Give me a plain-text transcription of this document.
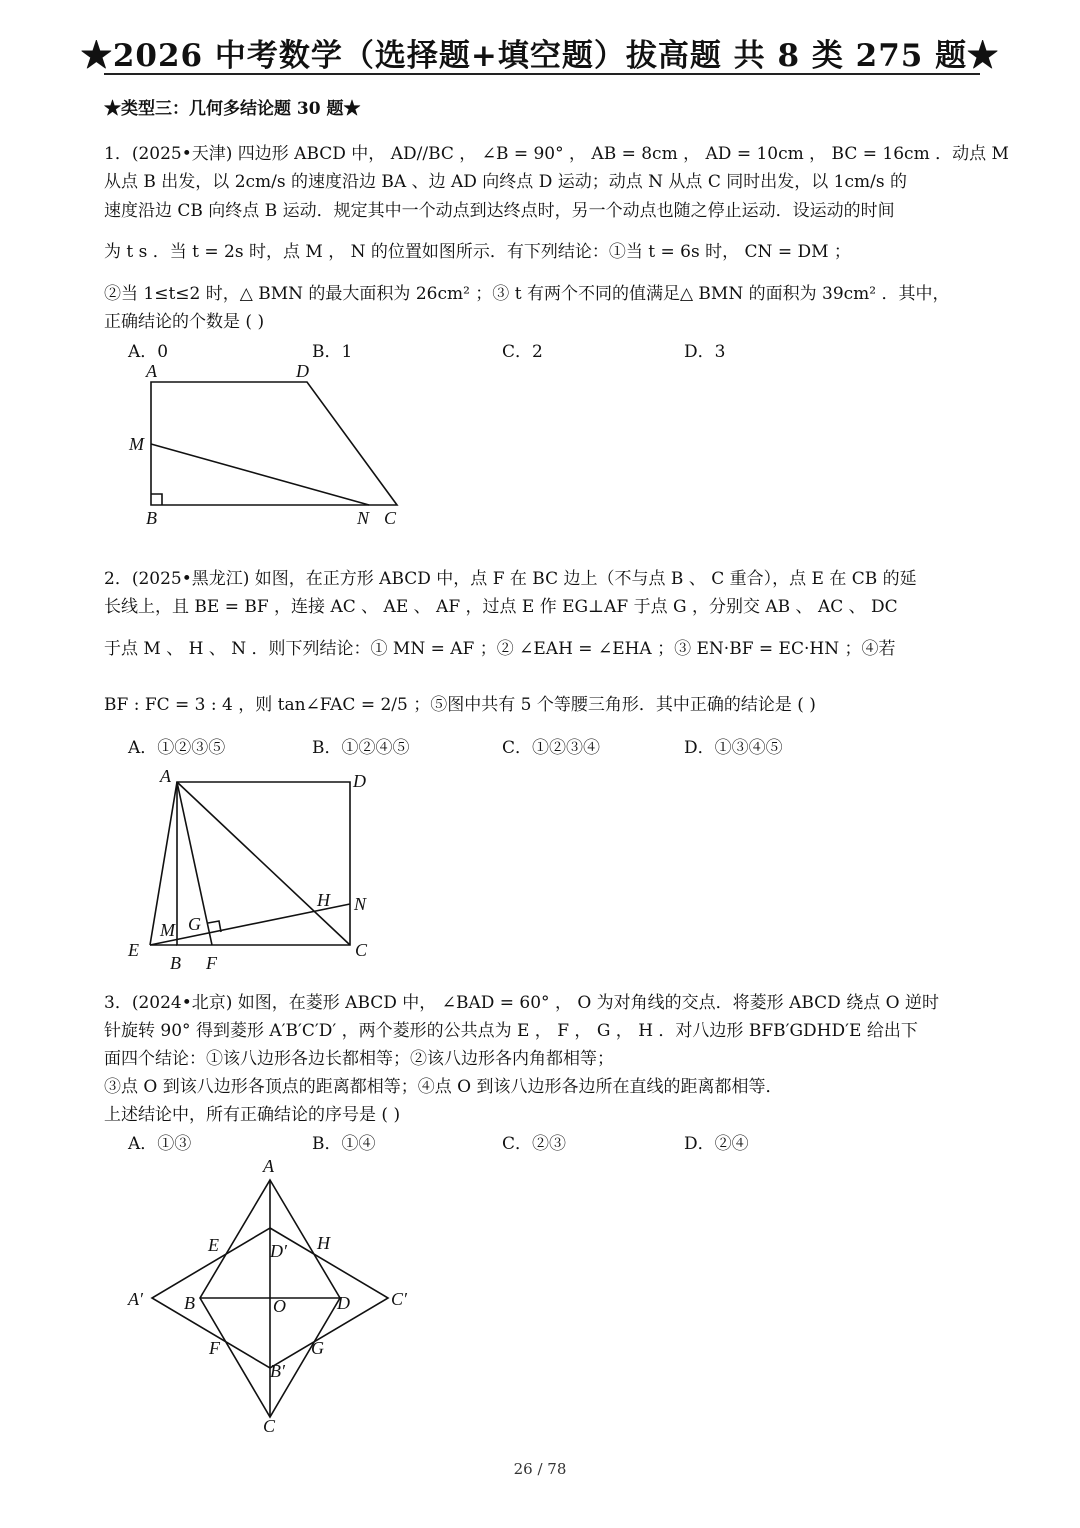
★2026 中考数学（选择题+填空题）拔高题 共 8 类 275 题★
★类型三：几何多结论题 30 题★
1．(2025•天津) 四边形 ABCD 中， AD//BC ， ∠B = 90° ， AB = 8cm ， AD = 10cm ， BC = 16cm ．动点 M
从点 B 出发，以 2cm/s 的速度沿边 BA 、边 AD 向终点 D 运动；动点 N 从点 C 同时出发，以 1cm/s 的
速度沿边 CB 向终点 B 运动．规定其中一个动点到达终点时，另一个动点也随之停止运动．设运动的时间
为 t s ．当 t = 2s 时，点 M ， N 的位置如图所示．有下列结论：①当 t = 6s 时， CN = DM ；
②当 1≤t≤2 时，△ BMN 的最大面积为 26cm² ；③ t 有两个不同的值满足△ BMN 的面积为 39cm² ．其中，
正确结论的个数是 ( )
A．0	B．1	C．2	D．3
A	D
M
B	N C
2．(2025•黑龙江) 如图，在正方形 ABCD 中，点 F 在 BC 边上（不与点 B 、 C 重合），点 E 在 CB 的延
长线上，且 BE = BF ，连接 AC 、 AE 、 AF ，过点 E 作 EG⊥AF 于点 G ，分别交 AB 、 AC 、 DC
于点 M 、 H 、 N ．则下列结论：① MN = AF ；② ∠EAH = ∠EHA ；③ EN·BF = EC·HN ；④若
BF : FC = 3 : 4 ，则 tan∠FAC = 2/5 ；⑤图中共有 5 个等腰三角形．其中正确的结论是 ( )
A．①②③⑤	B．①②④⑤	C．①②③④	D．①③④⑤
A	D
H N
M G
E
B F
C
3．(2024•北京) 如图，在菱形 ABCD 中， ∠BAD = 60° ， O 为对角线的交点．将菱形 ABCD 绕点 O 逆时
针旋转 90° 得到菱形 A′B′C′D′ ，两个菱形的公共点为 E ， F ， G ， H ．对八边形 BFB′GDHD′E 给出下
面四个结论：①该八边形各边长都相等；②该八边形各内角都相等；
③点 O 到该八边形各顶点的距离都相等；④点 O 到该八边形各边所在直线的距离都相等．
上述结论中，所有正确结论的序号是 ( )
A．①③	B．①④	C．②③	D．②④
A
E	D′ H
A′ B	O	D C′
F	G
B′
C
26 / 78
